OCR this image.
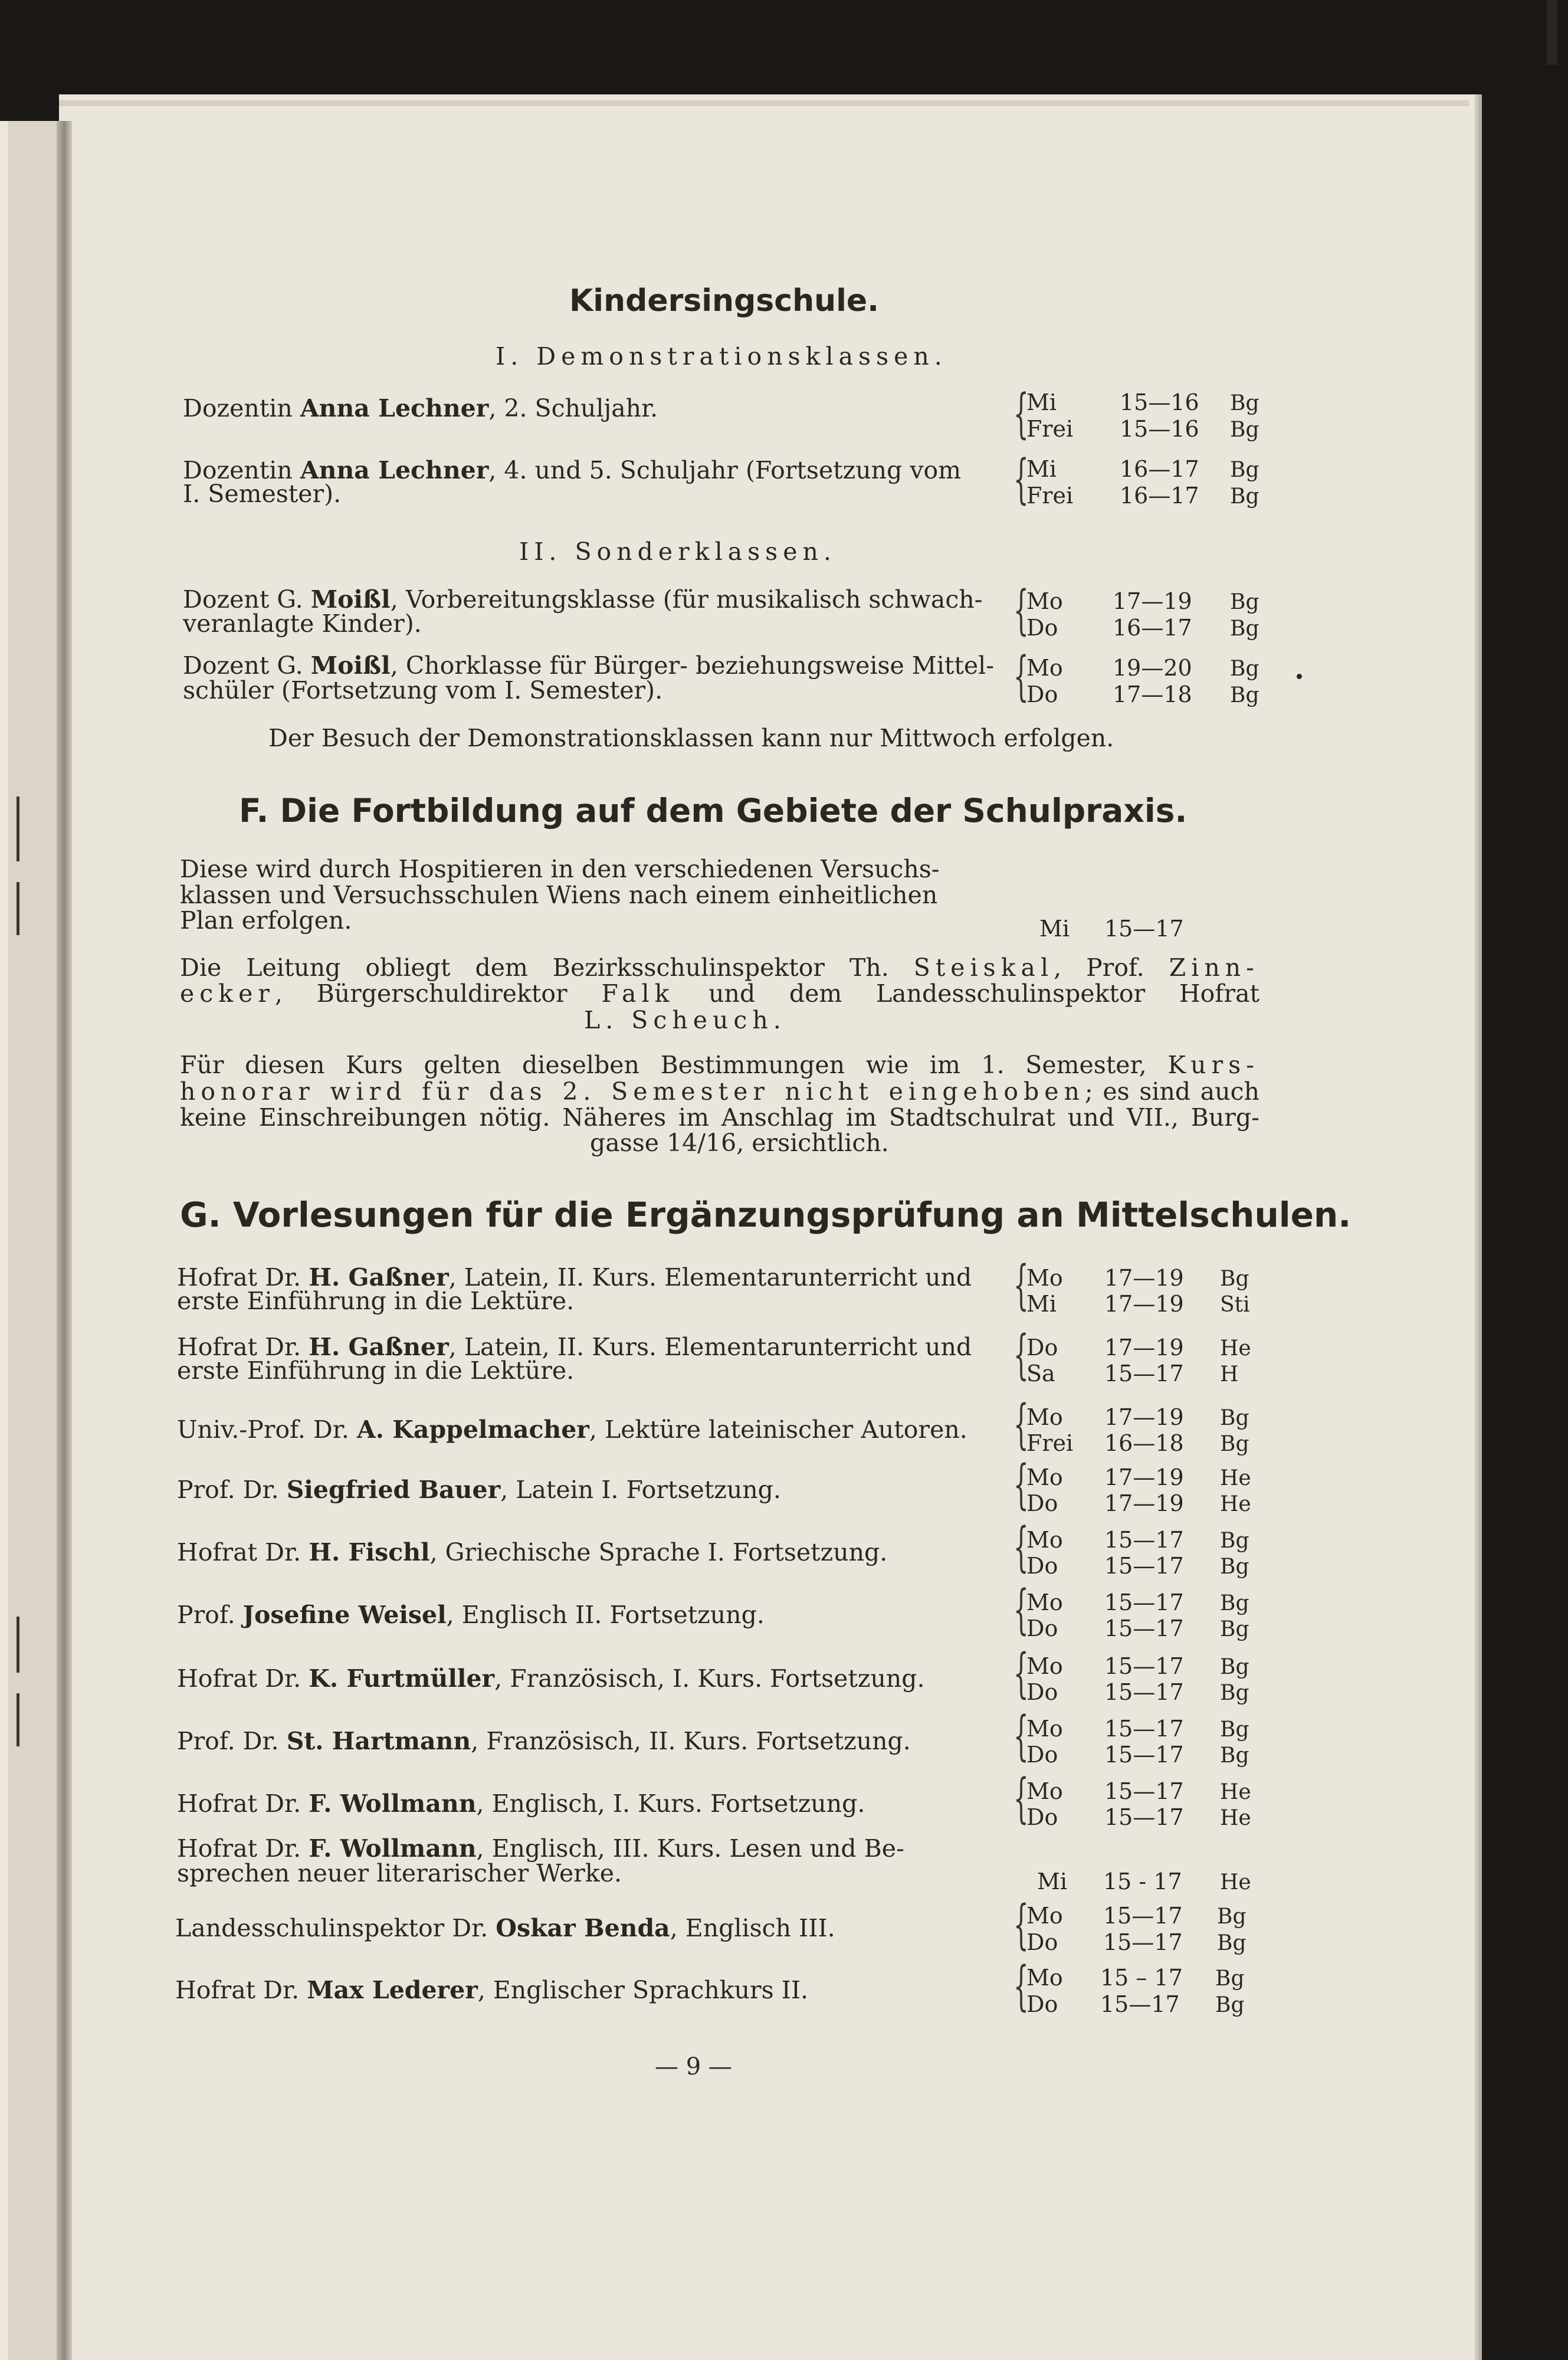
Kindersingschule.
I. Demonstrationsklassen.
Dozentin Anna Lechner, 2. Schuljahr.	{
Mi	15—16 Bg
Frei 15—16 Bg
Dozentin Anna Lechner, 4. und 5. Schuljahr (Fortsetzung vom
I. Semester).	{
Mi	16—17 Bg
Frei 16—17 Bg
II. Sonderklassen.
Dozent G. Moißl, Vorbereitungsklasse (für musikalisch schwach-
veranlagte Kinder).	{
Mo 17—19 Bg
Do 16—17 Bg
Dozent G. Moißl, Chorklasse für Bürger- beziehungsweise Mittel-
schüler (Fortsetzung vom I. Semester).	{
Mo 19—20 Bg
Do 17—18 Bg
Der Besuch der Demonstrationsklassen kann nur Mittwoch erfolgen.
F. Die Fortbildung auf dem Gebiete der Schulpraxis.
Diese wird durch Hospitieren in den verschiedenen Versuchs-
klassen und Versuchsschulen Wiens nach einem einheitlichen
Plan erfolgen.	Mi 15—17
Die Leitung obliegt dem Bezirksschulinspektor Th. Steiskal, Prof. Zinn-
ecker, Bürgerschuldirektor Falk und dem Landesschulinspektor Hofrat
L. Scheuch.
Für diesen Kurs gelten dieselben Bestimmungen wie im 1. Semester, Kurs-
honorar wird für das 2. Semester nicht eingehoben; es sind auch
keine Einschreibungen nötig. Näheres im Anschlag im Stadtschulrat und VII., Burg-
gasse 14/16, ersichtlich.
G. Vorlesungen für die Ergänzungsprüfung an Mittelschulen.
Hofrat Dr. H. Gaßner, Latein, II. Kurs. Elementarunterricht und
erste Einführung in die Lektüre.	{
Mo 17—19 Bg
Mi 17—19 Sti
Hofrat Dr. H. Gaßner, Latein, II. Kurs. Elementarunterricht und
erste Einführung in die Lektüre.	{
Do 17—19 He
Sa 15—17 H
Univ.-Prof. Dr. A. Kappelmacher, Lektüre lateinischer Autoren. {
Mo 17—19 Bg
Frei 16—18 Bg
Prof. Dr. Siegfried Bauer, Latein I. Fortsetzung.	{
Mo 17—19 He
Do 17—19 He
Hofrat Dr. H. Fischl, Griechische Sprache I. Fortsetzung. {
Mo 15—17 Bg
Do 15—17 Bg
Prof. Josefine Weisel, Englisch II. Fortsetzung.	{
Mo 15—17 Bg
Do 15—17 Bg
Hofrat Dr. K. Furtmüller, Französisch, I. Kurs. Fortsetzung. {
Mo 15—17 Bg
Do 15—17 Bg
Prof. Dr. St. Hartmann, Französisch, II. Kurs. Fortsetzung. {
Mo 15—17 Bg
Do 15—17 Bg
Hofrat Dr. F. Wollmann, Englisch, I. Kurs. Fortsetzung.	{
Mo 15—17 He
Do 15—17 He
Hofrat Dr. F. Wollmann, Englisch, III. Kurs. Lesen und Be-
sprechen neuer literarischer Werke.	Mi 15 - 17 He
Landesschulinspektor Dr. Oskar Benda, Englisch III.	{
Mo 15—17 Bg
Do 15—17 Bg
Hofrat Dr. Max Lederer, Englischer Sprachkurs II.	{
Mo 15 – 17 Bg
Do 15—17 Bg
— 9 —
